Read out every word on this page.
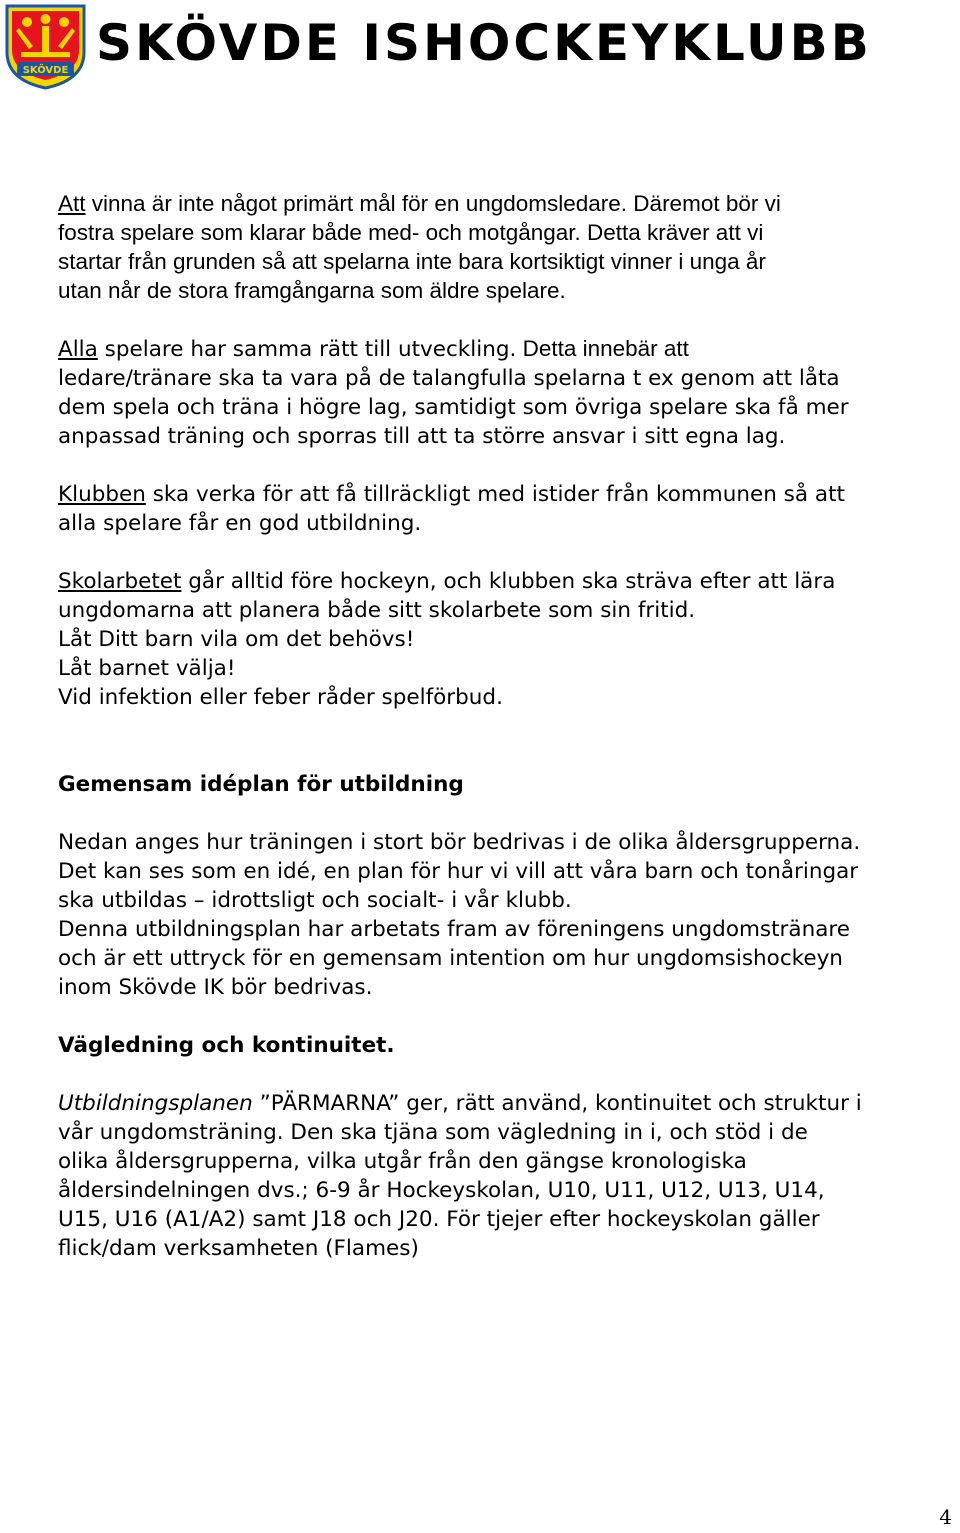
SKÖVDE SKÖVDE ISHOCKEYKLUBB

Att vinna är inte något primärt mål för en ungdomsledare. Däremot bör vi

fostra spelare som klarar både med- och motgångar. Detta kräver att vi

startar från grunden så att spelarna inte bara kortsiktigt vinner i unga år

utan når de stora framgångarna som äldre spelare.

Alla spelare har samma rätt till utveckling. Detta innebär att

ledare/tränare ska ta vara på de talangfulla spelarna t ex genom att låta

dem spela och träna i högre lag, samtidigt som övriga spelare ska få mer

anpassad träning och sporras till att ta större ansvar i sitt egna lag.

Klubben ska verka för att få tillräckligt med istider från kommunen så att

alla spelare får en god utbildning.

Skolarbetet går alltid före hockeyn, och klubben ska sträva efter att lära

ungdomarna att planera både sitt skolarbete som sin fritid.

Låt Ditt barn vila om det behövs!

Låt barnet välja!

Vid infektion eller feber råder spelförbud.

Gemensam idéplan för utbildning

Nedan anges hur träningen i stort bör bedrivas i de olika åldersgrupperna.

Det kan ses som en idé, en plan för hur vi vill att våra barn och tonåringar

ska utbildas – idrottsligt och socialt- i vår klubb.

Denna utbildningsplan har arbetats fram av föreningens ungdomstränare

och är ett uttryck för en gemensam intention om hur ungdomsishockeyn

inom Skövde IK bör bedrivas.

Vägledning och kontinuitet.

Utbildningsplanen ”PÄRMARNA” ger, rätt använd, kontinuitet och struktur i

vår ungdomsträning. Den ska tjäna som vägledning in i, och stöd i de

olika åldersgrupperna, vilka utgår från den gängse kronologiska

åldersindelningen dvs.; 6-9 år Hockeyskolan, U10, U11, U12, U13, U14,

U15, U16 (A1/A2) samt J18 och J20. För tjejer efter hockeyskolan gäller

flick/dam verksamheten (Flames)

4
